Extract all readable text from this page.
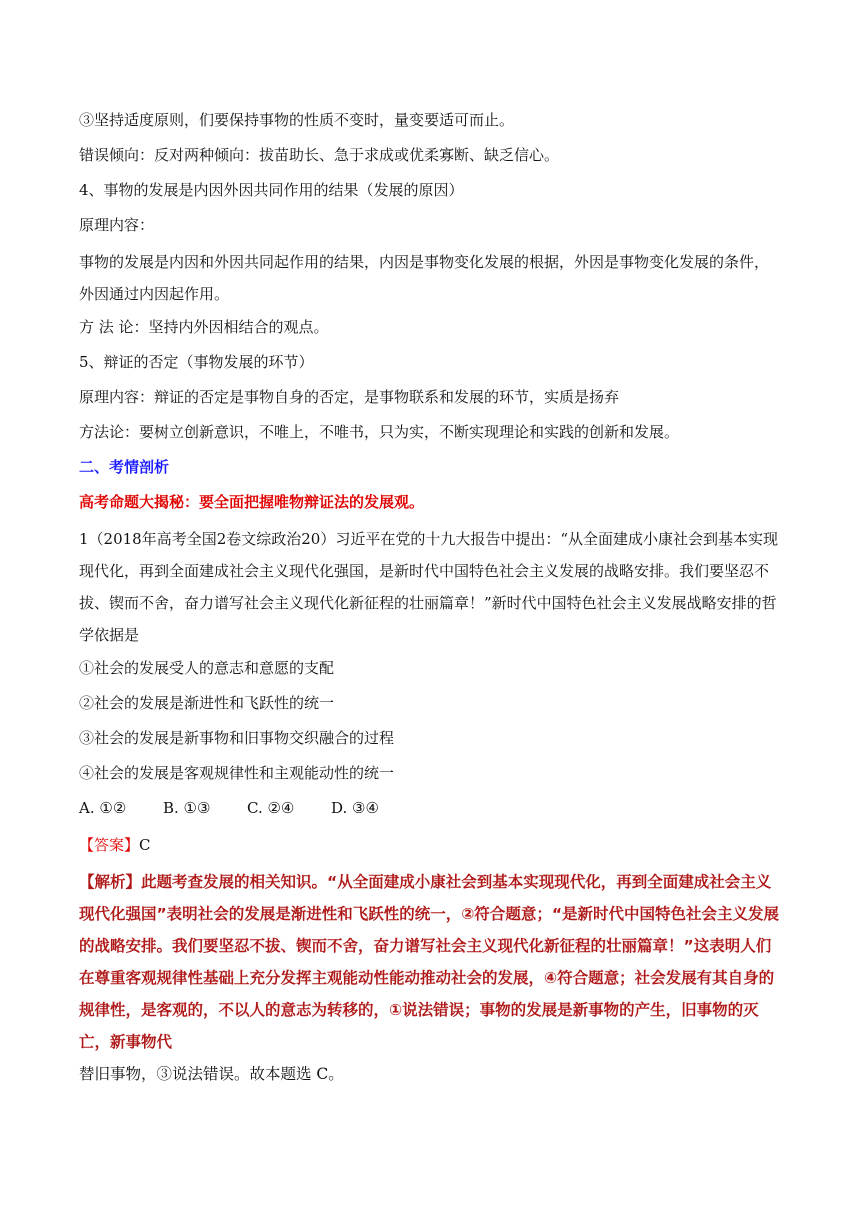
③坚持适度原则，们要保持事物的性质不变时，量变要适可而止。
错误倾向：反对两种倾向：拔苗助长、急于求成或优柔寡断、缺乏信心。
4、事物的发展是内因外因共同作用的结果（发展的原因）
原理内容：
事物的发展是内因和外因共同起作用的结果，内因是事物变化发展的根据，外因是事物变化发展的条件，外因通过内因起作用。
方 法 论：坚持内外因相结合的观点。
5、辩证的否定（事物发展的环节）
原理内容：辩证的否定是事物自身的否定，是事物联系和发展的环节，实质是扬弃
方法论：要树立创新意识，不唯上，不唯书，只为实，不断实现理论和实践的创新和发展。
二、考情剖析
高考命题大揭秘：要全面把握唯物辩证法的发展观。
1（2018年高考全国2卷文综政治20）习近平在党的十九大报告中提出：“从全面建成小康社会到基本实现现代化，再到全面建成社会主义现代化强国，是新时代中国特色社会主义发展的战略安排。我们要坚忍不拔、锲而不舍，奋力谱写社会主义现代化新征程的壮丽篇章！”新时代中国特色社会主义发展战略安排的哲学依据是
①社会的发展受人的意志和意愿的支配
②社会的发展是渐进性和飞跃性的统一
③社会的发展是新事物和旧事物交织融合的过程
④社会的发展是客观规律性和主观能动性的统一
A. ①② B. ①③ C. ②④ D. ③④
【答案】C
【解析】此题考查发展的相关知识。“从全面建成小康社会到基本实现现代化，再到全面建成社会主义现代化强国”表明社会的发展是渐进性和飞跃性的统一，②符合题意；“是新时代中国特色社会主义发展的战略安排。我们要坚忍不拔、锲而不舍，奋力谱写社会主义现代化新征程的壮丽篇章！”这表明人们在尊重客观规律性基础上充分发挥主观能动性能动推动社会的发展，④符合题意；社会发展有其自身的规律性，是客观的，不以人的意志为转移的，①说法错误；事物的发展是新事物的产生，旧事物的灭亡，新事物代
替旧事物，③说法错误。故本题选 C。
